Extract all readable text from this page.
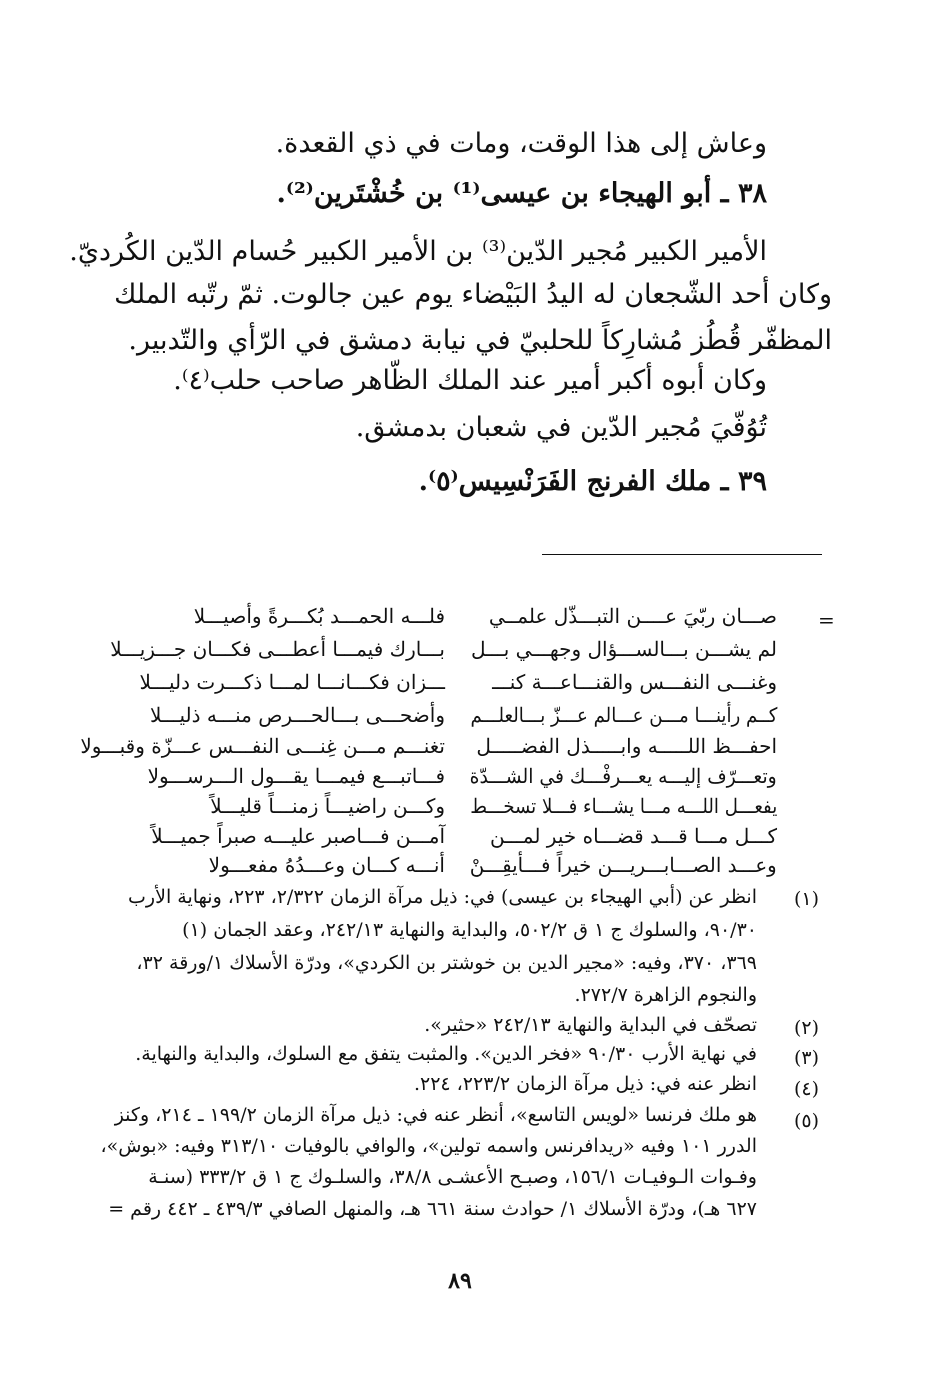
وعاش إلى هذا الوقت، ومات في ذي القعدة.
٣٨ ـ أبو الهيجاء بن عيسى⁽¹⁾ بن خُشْتَرين⁽²⁾.
الأمير الكبير مُجير الدّين⁽³⁾ بن الأمير الكبير حُسام الدّين الكُرديّ.
وكان أحد الشّجعان له اليدُ البَيْضاء يوم عين جالوت. ثمّ رتّبه الملك
المظفّر قُطُز مُشارِكاً للحلبيّ في نيابة دمشق في الرّأي والتّدبير.
وكان أبوه أكبر أمير عند الملك الظّاهر صاحب حلب⁽٤⁾.
تُوُفّيَ مُجير الدّين في شعبان بدمشق.
٣٩ ـ ملك الفرنج الفَرَنْسِيس⁽٥⁾.
=
صـــان ربّيَ عــــن التبـــذّل علمــي
لم يشـــن بـــالســـؤال وجهـــي بـــل
وغنـــى النفـــس والقنـــاعـــة كنـــ
كــم رأينـــا مـــن عـــالم عـــزّ بـــالعلـــم
احفـــظ اللـــــه وابـــــذل الفضـــــل
وتعـــرّف إليـــه يعـــرفْـــك في الشـــدّة
يفعـــل اللـــه مـــا يشـــاء فـــلا تسخـــط
كـــل مـــا قـــد قضـــاه خير لمـــن
وعـــد الصـــابـــريـــن خيراً فـــأيقِـــنْ
فلـــه الحمـــد بُكـــرةً وأصيـــلا
بـــارك فيمـــا أعطـــى فكـــان جـــزيـــلا
ـــزان فكـــانـــا لمـــا ذكـــرت دليـــلا
وأضحـــى بـــالحـــرص منـــه ذليـــلا
تغنـــم مـــن غِنـــى النفـــس عـــزّة وقبـــولا
فـــاتبـــع فيمـــا يقـــول الـــرســـولا
وكـــن راضيـــاً زمنـــاً قليـــلاً
آمـــن فـــاصبر عليـــه صبراً جميـــلاً
أنـــه كـــان وعـــدُهُ مفعـــولا
(١)
انظر عن (أبي الهيجاء بن عيسى) في: ذيل مرآة الزمان ٢/٣٢٢، ٢٢٣، ونهاية الأرب
٩٠/٣٠، والسلوك ج ١ ق ٥٠٢/٢، والبداية والنهاية ٢٤٢/١٣، وعقد الجمان (١)
٣٦٩، ٣٧٠، وفيه: «مجير الدين بن خوشتر بن الكردي»، ودرّة الأسلاك ١/ورقة ٣٢،
والنجوم الزاهرة ٢٧٢/٧.
(٢)
تصحّف في البداية والنهاية ٢٤٢/١٣ «حثير».
(٣)
في نهاية الأرب ٩٠/٣٠ «فخر الدين». والمثبت يتفق مع السلوك، والبداية والنهاية.
(٤)
انظر عنه في: ذيل مرآة الزمان ٢٢٣/٢، ٢٢٤.
(٥)
هو ملك فرنسا «لويس التاسع»، أنظر عنه في: ذيل مرآة الزمان ١٩٩/٢ ـ ٢١٤، وكنز
الدرر ١٠١ وفيه «ريدافرنس واسمه تولين»، والوافي بالوفيات ٣١٣/١٠ وفيه: «بوش»،
وفـوات الـوفيـات ١٥٦/١، وصبـح الأعشـى ٣٨/٨، والسلـوك ج ١ ق ٣٣٣/٢ (سنـة
٦٢٧ هـ)، ودرّة الأسلاك ١/ حوادث سنة ٦٦١ هـ، والمنهل الصافي ٤٣٩/٣ ـ ٤٤٢ رقم =
٨٩
